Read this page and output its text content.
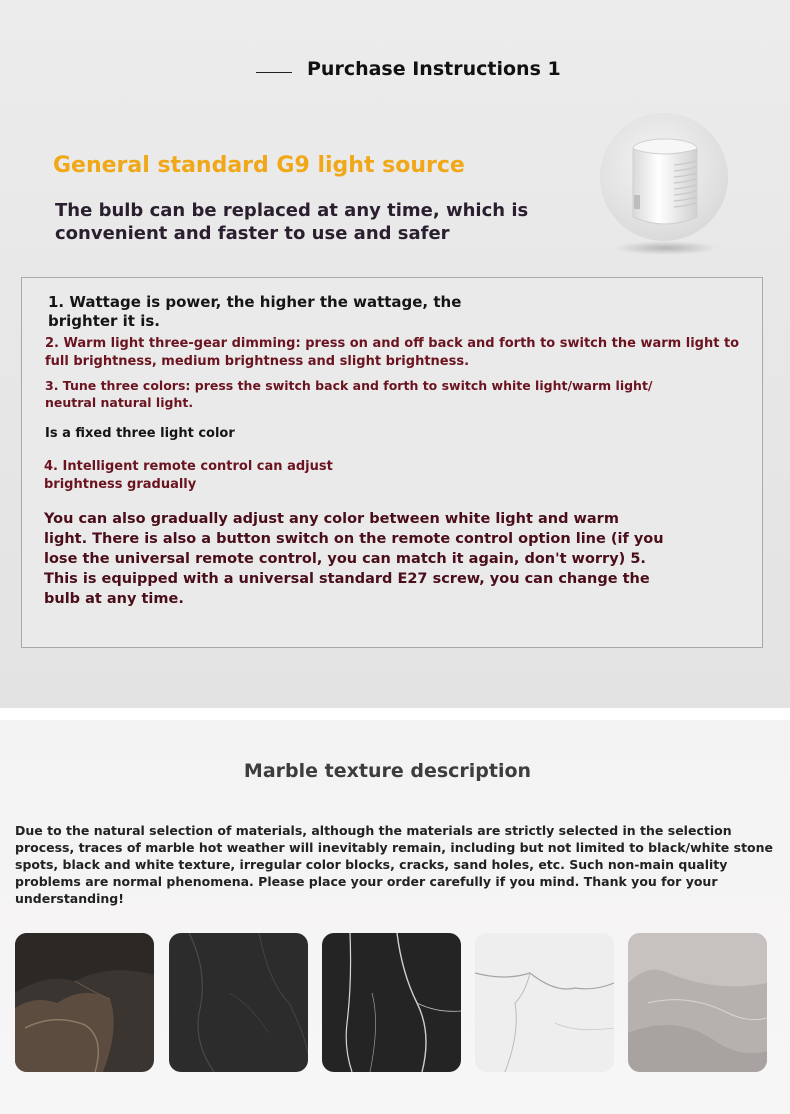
Purchase Instructions 1
General standard G9 light source

The bulb can be replaced at any time, which is convenient and faster to use and safer

1. Wattage is power, the higher the wattage, the brighter it is.

2. Warm light three-gear dimming: press on and off back and forth to switch the warm light to full brightness, medium brightness and slight brightness.

3. Tune three colors: press the switch back and forth to switch white light/warm light/ neutral natural light.

Is a fixed three light color

4. Intelligent remote control can adjust brightness gradually

You can also gradually adjust any color between white light and warm light. There is also a button switch on the remote control option line (if you lose the universal remote control, you can match it again, don't worry) 5. This is equipped with a universal standard E27 screw, you can change the bulb at any time.

Marble texture description

Due to the natural selection of materials, although the materials are strictly selected in the selection process, traces of marble hot weather will inevitably remain, including but not limited to black/white stone spots, black and white texture, irregular color blocks, cracks, sand holes, etc. Such non-main quality problems are normal phenomena. Please place your order carefully if you mind. Thank you for your understanding!
